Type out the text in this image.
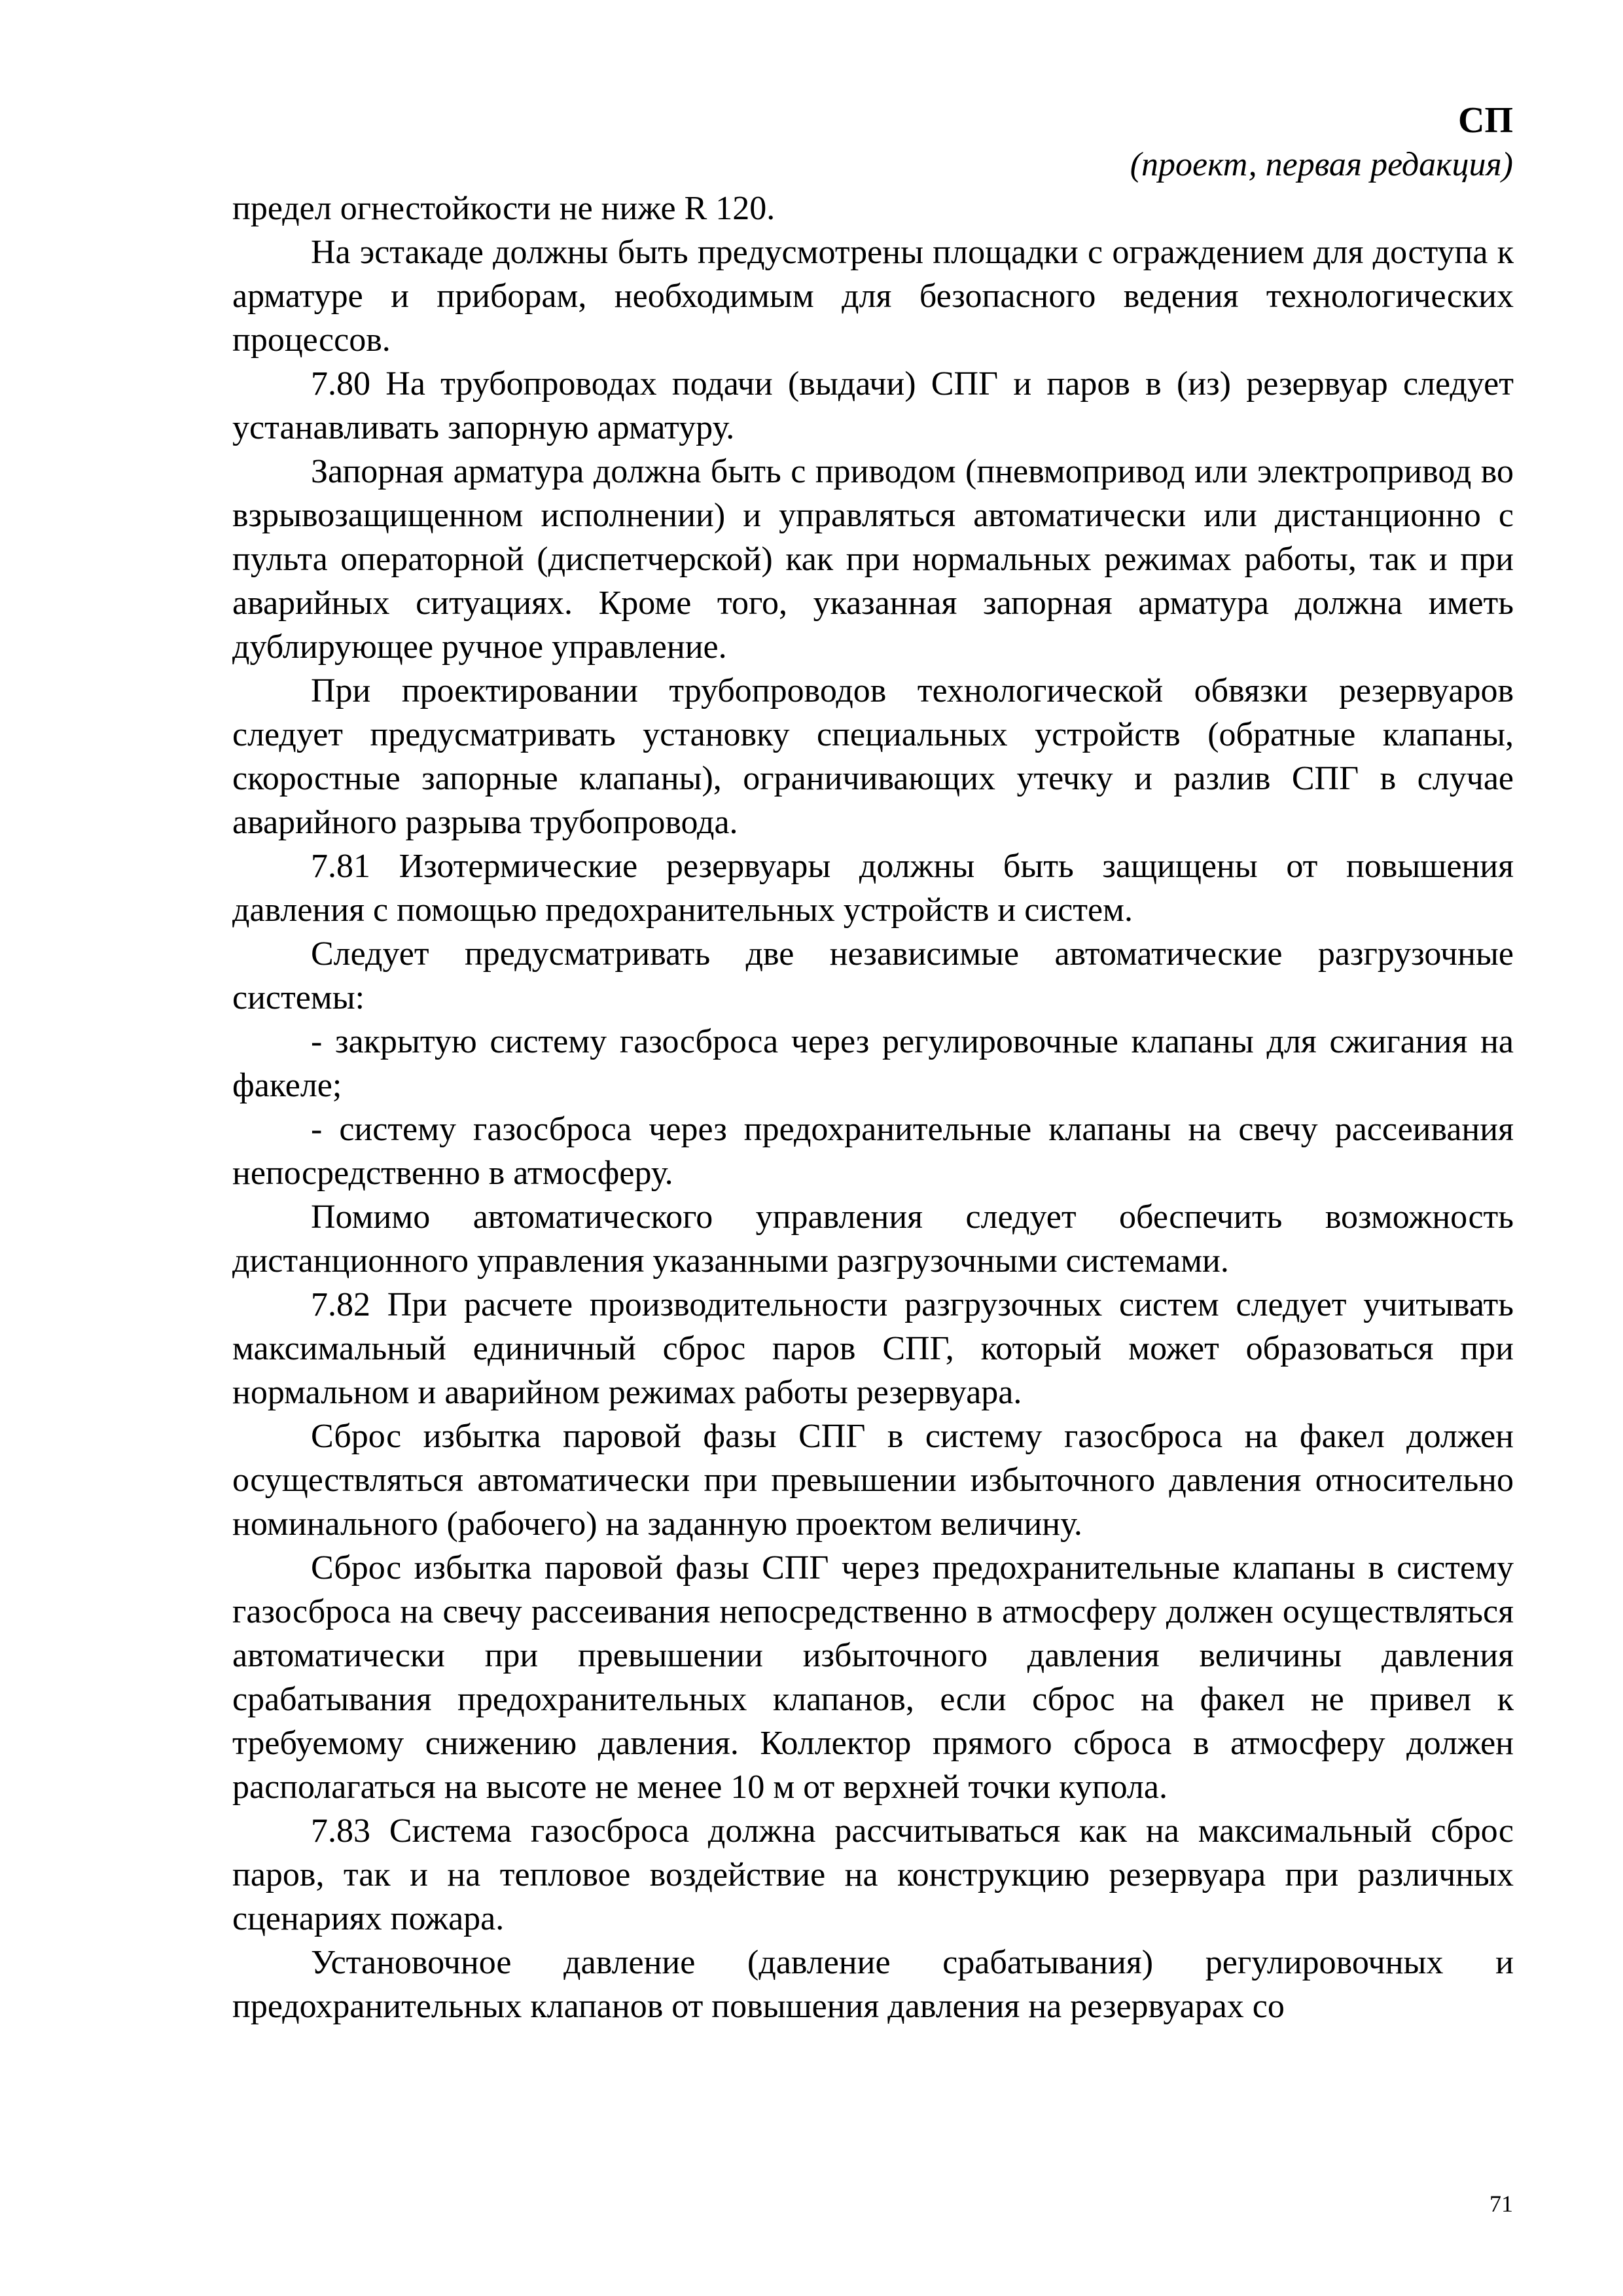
СП
(проект, первая редакция)

предел огнестойкости не ниже R 120.

На эстакаде должны быть предусмотрены площадки с ограждением для доступа к арматуре и приборам, необходимым для безопасного ведения технологических процессов.

7.80 На трубопроводах подачи (выдачи) СПГ и паров в (из) резервуар следует устанавливать запорную арматуру.

Запорная арматура должна быть с приводом (пневмопривод или электропривод во взрывозащищенном исполнении) и управляться автоматически или дистанционно с пульта операторной (диспетчерской) как при нормальных режимах работы, так и при аварийных ситуациях. Кроме того, указанная запорная арматура должна иметь дублирующее ручное управление.

При проектировании трубопроводов технологической обвязки резервуаров следует предусматривать установку специальных устройств (обратные клапаны, скоростные запорные клапаны), ограничивающих утечку и разлив СПГ в случае аварийного разрыва трубопровода.

7.81 Изотермические резервуары должны быть защищены от повышения давления с помощью предохранительных устройств и систем.

Следует предусматривать две независимые автоматические разгрузочные системы:

- закрытую систему газосброса через регулировочные клапаны для сжигания на факеле;

- систему газосброса через предохранительные клапаны на свечу рассеивания непосредственно в атмосферу.

Помимо автоматического управления следует обеспечить возможность дистанционного управления указанными разгрузочными системами.

7.82 При расчете производительности разгрузочных систем следует учитывать максимальный единичный сброс паров СПГ, который может образоваться при нормальном и аварийном режимах работы резервуара.

Сброс избытка паровой фазы СПГ в систему газосброса на факел должен осуществляться автоматически при превышении избыточного давления относительно номинального (рабочего) на заданную проектом величину.

Сброс избытка паровой фазы СПГ через предохранительные клапаны в систему газосброса на свечу рассеивания непосредственно в атмосферу должен осуществляться автоматически при превышении избыточного давления величины давления срабатывания предохранительных клапанов, если сброс на факел не привел к требуемому снижению давления. Коллектор прямого сброса в атмосферу должен располагаться на высоте не менее 10 м от верхней точки купола.

7.83 Система газосброса должна рассчитываться как на максимальный сброс паров, так и на тепловое воздействие на конструкцию резервуара при различных сценариях пожара.

Установочное давление (давление срабатывания) регулировочных и предохранительных клапанов от повышения давления на резервуарах со

71
